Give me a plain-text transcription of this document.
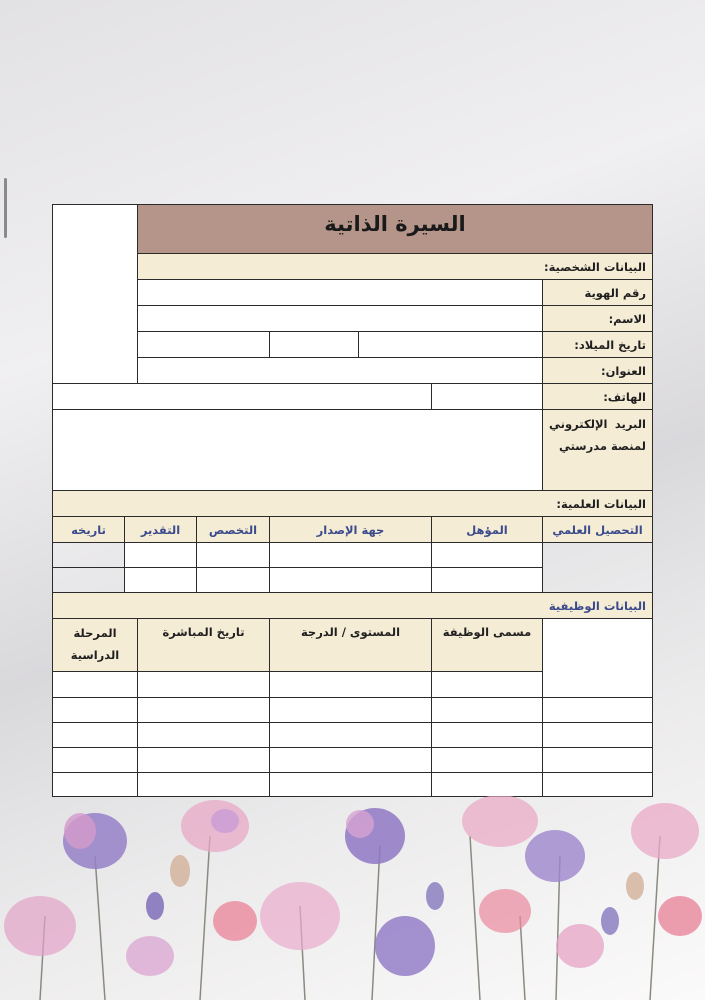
السيرة الذاتية
البيانات الشخصية:
رقم الهوية
الاسم:
تاريخ الميلاد:
العنوان:
الهاتف:
البريد الإلكتروني لمنصة مدرستي
البيانات العلمية:
التحصيل العلمي
المؤهل
جهة الإصدار
التخصص
التقدير
تاريخه
البيانات الوظيفية
مسمى الوظيفة
المستوى / الدرجة
تاريخ المباشرة
المرحلة الدراسية
